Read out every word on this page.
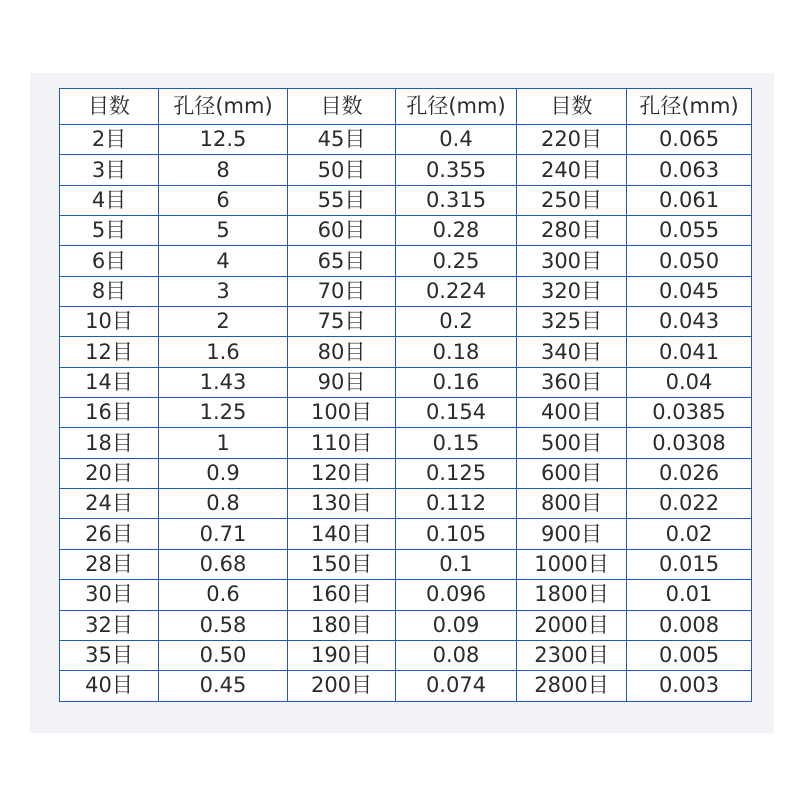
目数	孔径(mm)	目数	孔径(mm)	目数	孔径(mm)
2目	12.5	45目	0.4	220目	0.065
3目	8	50目	0.355	240目	0.063
4目	6	55目	0.315	250目	0.061
5目	5	60目	0.28	280目	0.055
6目	4	65目	0.25	300目	0.050
8目	3	70目	0.224	320目	0.045
10目	2	75目	0.2	325目	0.043
12目	1.6	80目	0.18	340目	0.041
14目	1.43	90目	0.16	360目	0.04
16目	1.25	100目	0.154	400目	0.0385
18目	1	110目	0.15	500目	0.0308
20目	0.9	120目	0.125	600目	0.026
24目	0.8	130目	0.112	800目	0.022
26目	0.71	140目	0.105	900目	0.02
28目	0.68	150目	0.1	1000目	0.015
30目	0.6	160目	0.096	1800目	0.01
32目	0.58	180目	0.09	2000目	0.008
35目	0.50	190目	0.08	2300目	0.005
40目	0.45	200目	0.074	2800目	0.003
